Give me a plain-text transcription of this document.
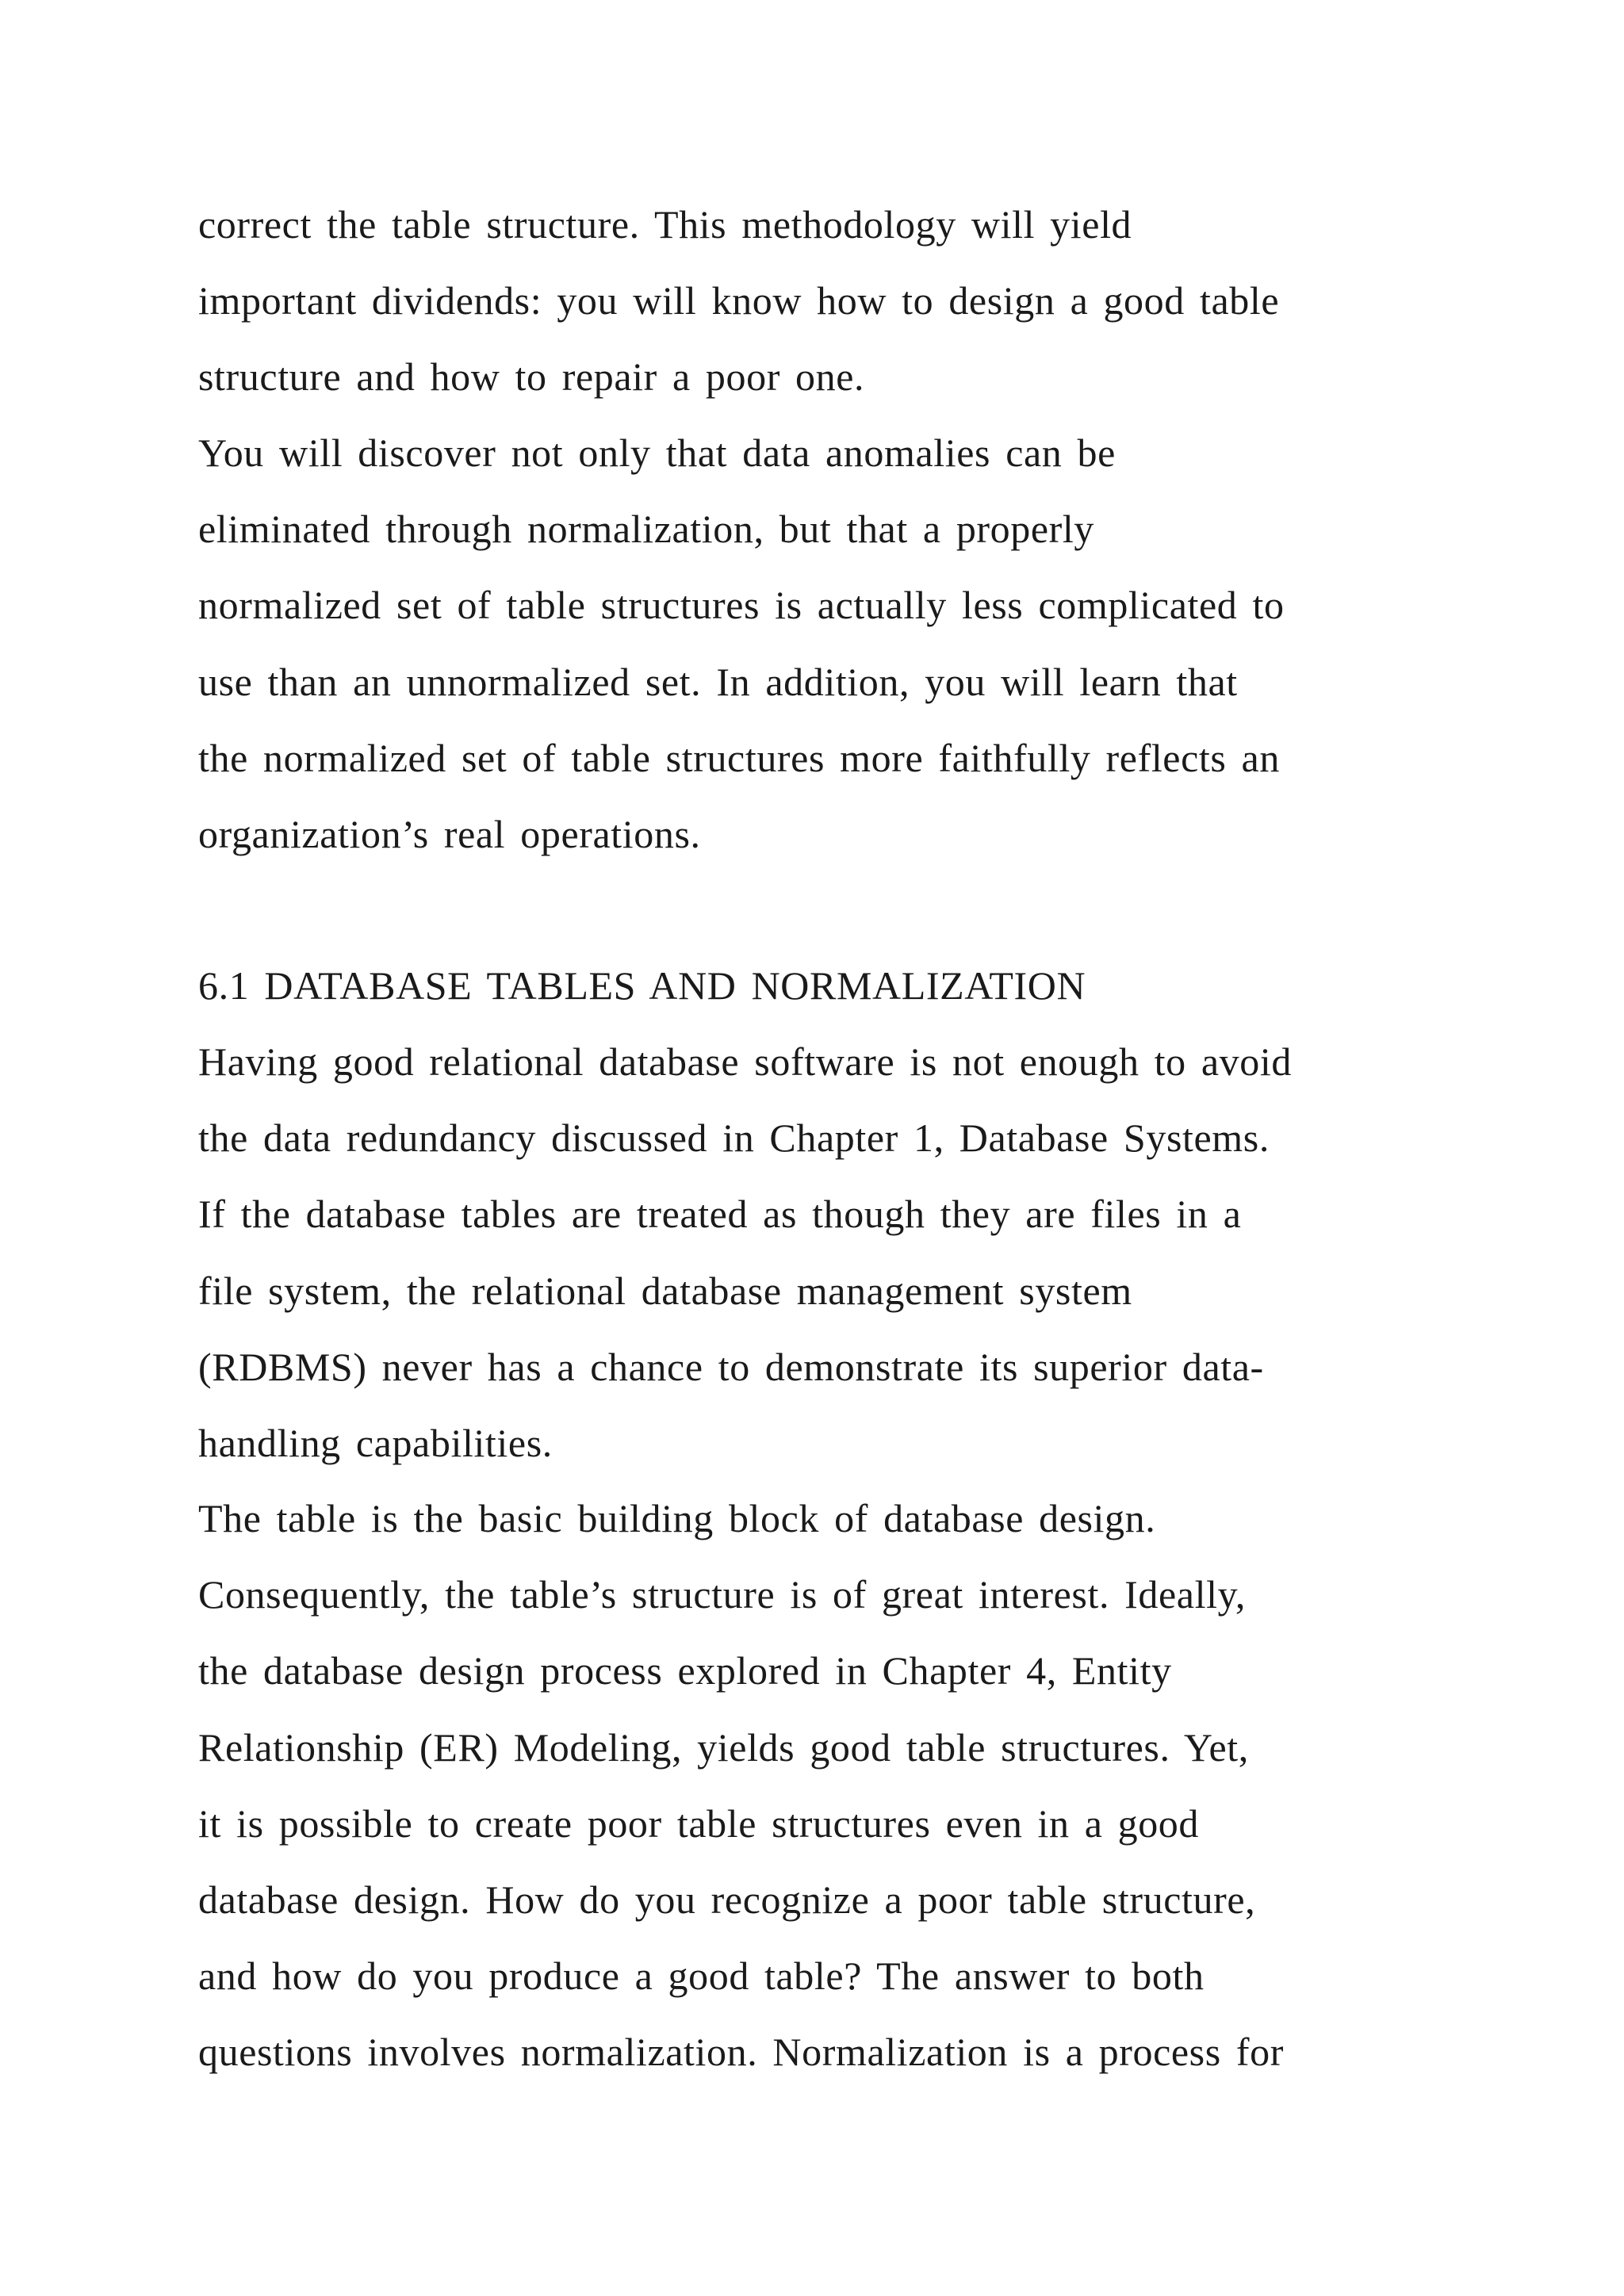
correct the table structure. This methodology will yield
important dividends: you will know how to design a good table
structure and how to repair a poor one.

You will discover not only that data anomalies can be
eliminated through normalization, but that a properly
normalized set of table structures is actually less complicated to
use than an unnormalized set. In addition, you will learn that
the normalized set of table structures more faithfully reflects an
organization’s real operations.

6.1 DATABASE TABLES AND NORMALIZATION

Having good relational database software is not enough to avoid
the data redundancy discussed in Chapter 1, Database Systems.
If the database tables are treated as though they are files in a
file system, the relational database management system
(RDBMS) never has a chance to demonstrate its superior data-
handling capabilities.

The table is the basic building block of database design.
Consequently, the table’s structure is of great interest. Ideally,
the database design process explored in Chapter 4, Entity
Relationship (ER) Modeling, yields good table structures. Yet,
it is possible to create poor table structures even in a good
database design. How do you recognize a poor table structure,
and how do you produce a good table? The answer to both
questions involves normalization. Normalization is a process for
